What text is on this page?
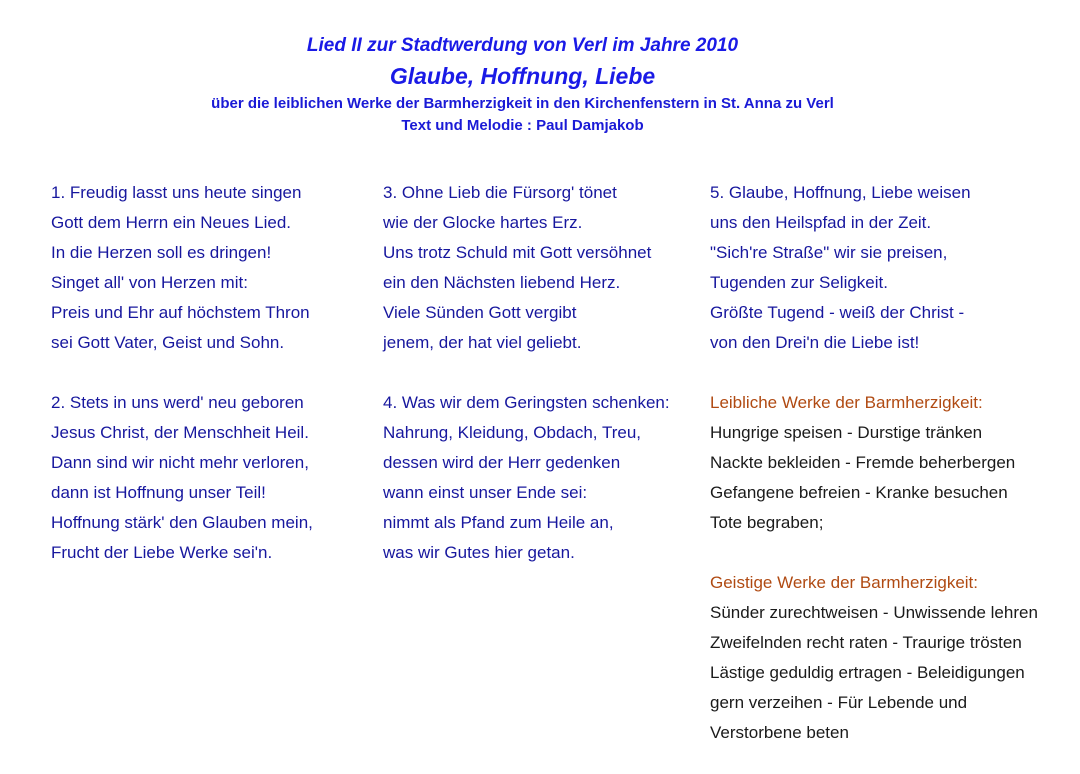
Lied II zur Stadtwerdung von Verl im Jahre 2010
Glaube, Hoffnung, Liebe
über die leiblichen Werke der Barmherzigkeit in den Kirchenfenstern in St. Anna zu Verl
Text und Melodie : Paul Damjakob
1. Freudig lasst uns heute singen
Gott dem Herrn ein Neues Lied.
In die Herzen soll es dringen!
Singet all' von Herzen mit:
Preis und Ehr auf höchstem Thron
sei Gott Vater, Geist und Sohn.
2. Stets in uns werd' neu geboren
Jesus Christ, der Menschheit Heil.
Dann sind wir nicht mehr verloren,
dann ist Hoffnung unser Teil!
Hoffnung stärk' den Glauben mein,
Frucht der Liebe Werke sei'n.
3. Ohne Lieb die Fürsorg' tönet
wie der Glocke hartes Erz.
Uns trotz Schuld mit Gott versöhnet
ein den Nächsten liebend Herz.
Viele Sünden Gott vergibt
jenem, der hat viel geliebt.
4. Was wir dem Geringsten schenken:
Nahrung, Kleidung, Obdach, Treu,
dessen wird der Herr gedenken
wann einst unser Ende sei:
nimmt als Pfand zum Heile an,
was wir Gutes hier getan.
5. Glaube, Hoffnung, Liebe weisen
uns den Heilspfad in der Zeit.
"Sich're Straße" wir sie preisen,
Tugenden zur Seligkeit.
Größte Tugend - weiß der Christ -
von den Drei'n die Liebe ist!
Leibliche Werke der Barmherzigkeit:
Hungrige speisen - Durstige tränken
Nackte bekleiden - Fremde beherbergen
Gefangene befreien - Kranke besuchen
Tote begraben;
Geistige Werke der Barmherzigkeit:
Sünder zurechtweisen - Unwissende lehren
Zweifelnden recht raten - Traurige trösten
Lästige geduldig ertragen - Beleidigungen
gern verzeihen - Für Lebende und
Verstorbene beten
